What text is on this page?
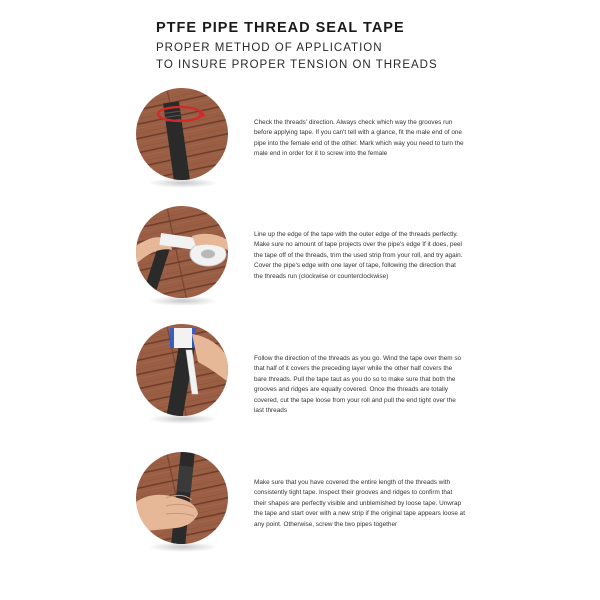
PTFE PIPE THREAD SEAL TAPE
PROPER METHOD OF APPLICATION
TO INSURE PROPER TENSION ON THREADS

Check the threads' direction. Always check which way the grooves run before applying tape. If you can't tell with a glance, fit the male end of one pipe into the female end of the other. Mark which way you need to turn the male end in order for it to screw into the female

Line up the edge of the tape with the outer edge of the threads perfectly. Make sure no amount of tape projects over the pipe's edge If it does, peel the tape off of the threads, trim the used strip from your roll, and try again. Cover the pipe's edge with one layer of tape, following the direction that the threads run (clockwise or counterclockwise)

Follow the direction of the threads as you go. Wind the tape over them so that half of it covers the preceding layer while the other half covers the bare threads. Pull the tape taut as you do so to make sure that both the grooves and ridges are equally covered. Once the threads are totally covered, cut the tape loose from your roll and pull the end tight over the last threads

Make sure that you have covered the entire length of the threads with consistently tight tape. Inspect their grooves and ridges to confirm that their shapes are perfectly visible and unblemished by loose tape. Unwrap the tape and start over with a new strip if the original tape appears loose at any point. Otherwise, screw the two pipes together
